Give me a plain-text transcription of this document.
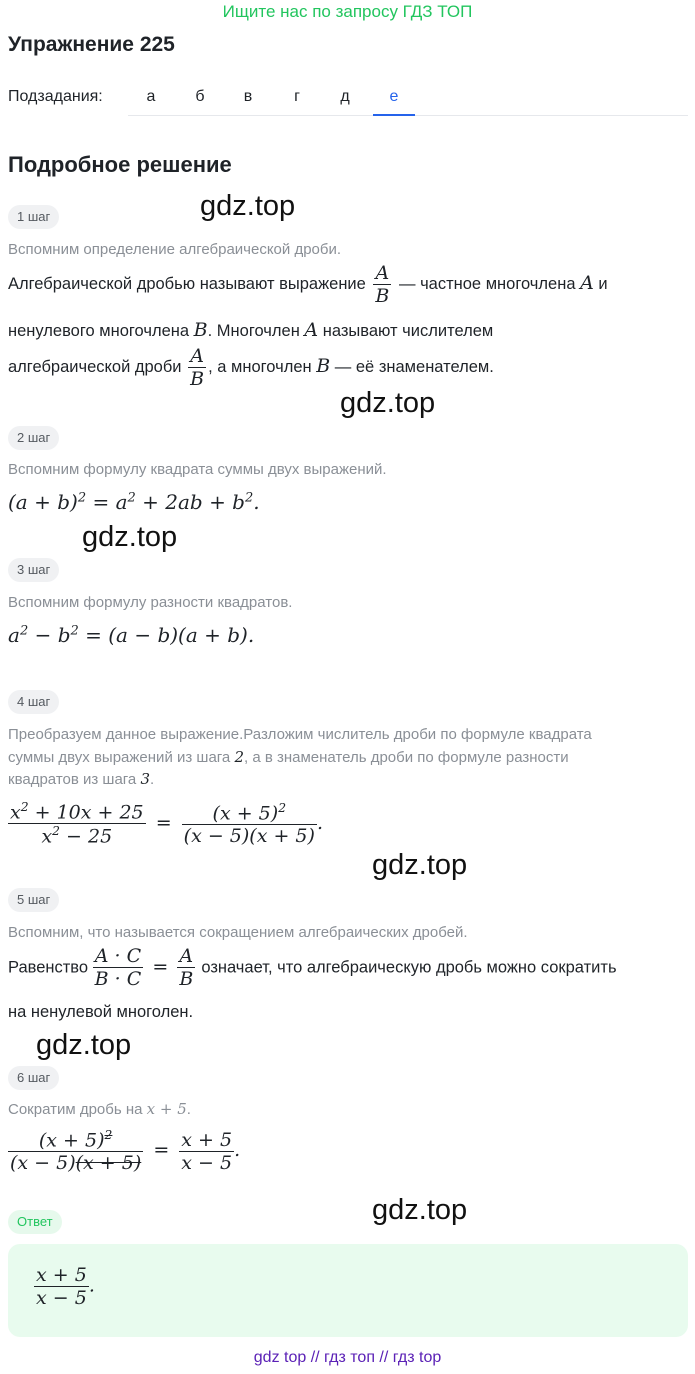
Ищите нас по запросу ГДЗ ТОП
Упражнение 225
Подзадания:	а	б	в	г	д	е
Подробное решение
1 шаг	gdz.top
Вспомним определение алгебраической дроби.
Алгебраической дробью называют выражение $\frac{A}{B}$ — частное многочлена A и
ненулевого многочлена B. Многочлен A называют числителем
алгебраической дроби $\frac{A}{B}$ , а многочлен B — её знаменателем.
gdz.top
2 шаг
Вспомним формулу квадрата суммы двух выражений.
$(a + b)^2 = a^2 + 2ab + b^2$.
gdz.top
3 шаг
Вспомним формулу разности квадратов.
$a^2 - b^2 = (a - b)(a + b)$.
4 шаг
Преобразуем данное выражение.Разложим числитель дроби по формуле квадрата
суммы двух выражений из шага 2, а в знаменатель дроби по формуле разности
квадратов из шага 3.
$\frac{x^2 + 10x + 25}{x^2 - 25} = \frac{(x + 5)^2}{(x - 5)(x + 5)}$ .
gdz.top
5 шаг
Вспомним, что называется сокращением алгебраических дробей.
Равенство $\frac{A \cdot C}{B \cdot C} = \frac{A}{B}$ означает, что алгебраическую дробь можно сократить
на ненулевой многолен.
gdz.top
6 шаг
Сократим дробь на x + 5.
$\frac{(x + 5)^2}{(x - 5)(x + 5)} = \frac{x + 5}{x - 5}$ .
gdz.top
Ответ
$\frac{x + 5}{x - 5}$ .
gdz top // гдз топ // гдз top
